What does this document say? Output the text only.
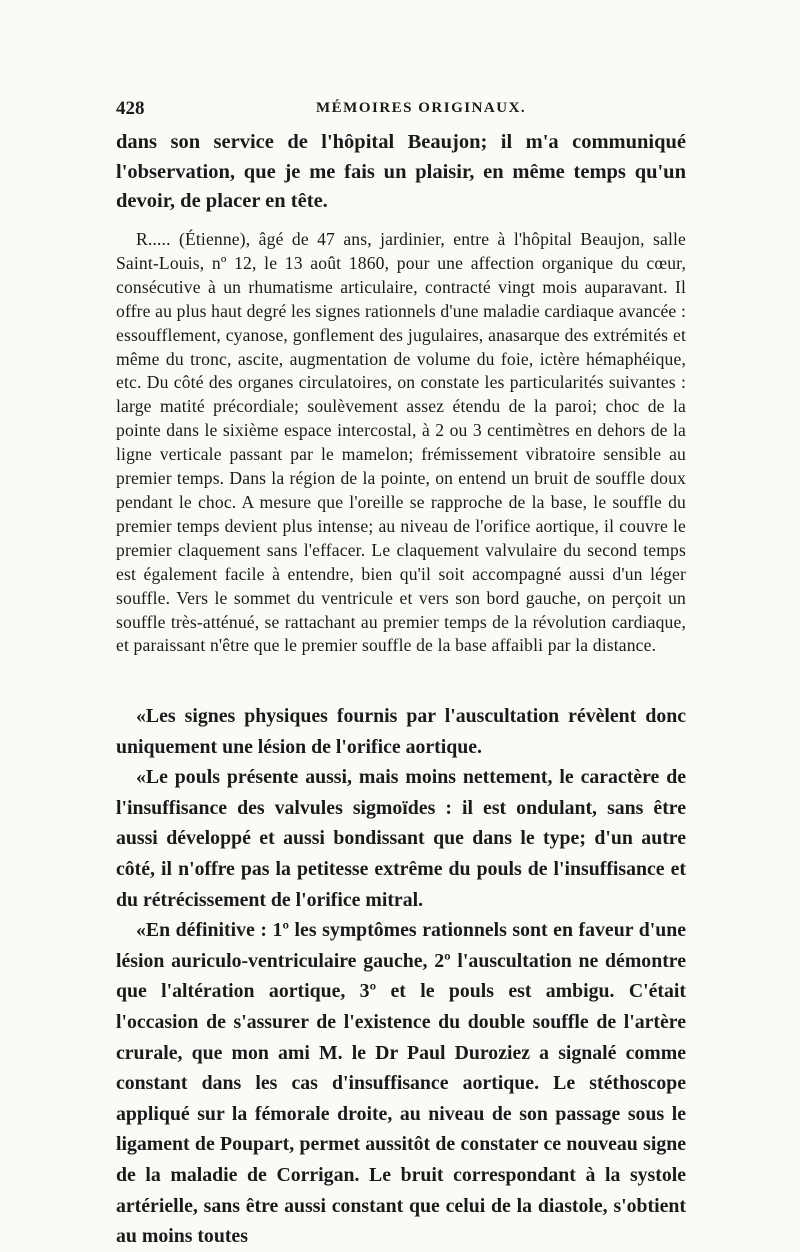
428	MÉMOIRES ORIGINAUX.

dans son service de l'hôpital Beaujon; il m'a communiqué l'observation, que je me fais un plaisir, en même temps qu'un devoir, de placer en tête.

R..... (Étienne), âgé de 47 ans, jardinier, entre à l'hôpital Beaujon, salle Saint-Louis, nº 12, le 13 août 1860, pour une affection organique du cœur, consécutive à un rhumatisme articulaire, contracté vingt mois auparavant. Il offre au plus haut degré les signes rationnels d'une maladie cardiaque avancée : essoufflement, cyanose, gonflement des jugulaires, anasarque des extrémités et même du tronc, ascite, augmentation de volume du foie, ictère hémaphéique, etc. Du côté des organes circulatoires, on constate les particularités suivantes : large matité précordiale; soulèvement assez étendu de la paroi; choc de la pointe dans le sixième espace intercostal, à 2 ou 3 centimètres en dehors de la ligne verticale passant par le mamelon; frémissement vibratoire sensible au premier temps. Dans la région de la pointe, on entend un bruit de souffle doux pendant le choc. A mesure que l'oreille se rapproche de la base, le souffle du premier temps devient plus intense; au niveau de l'orifice aortique, il couvre le premier claquement sans l'effacer. Le claquement valvulaire du second temps est également facile à entendre, bien qu'il soit accompagné aussi d'un léger souffle. Vers le sommet du ventricule et vers son bord gauche, on perçoit un souffle très-atténué, se rattachant au premier temps de la révolution cardiaque, et paraissant n'être que le premier souffle de la base affaibli par la distance.

«Les signes physiques fournis par l'auscultation révèlent donc uniquement une lésion de l'orifice aortique.

«Le pouls présente aussi, mais moins nettement, le caractère de l'insuffisance des valvules sigmoïdes : il est ondulant, sans être aussi développé et aussi bondissant que dans le type; d'un autre côté, il n'offre pas la petitesse extrême du pouls de l'insuffisance et du rétrécissement de l'orifice mitral.

«En définitive : 1º les symptômes rationnels sont en faveur d'une lésion auriculo-ventriculaire gauche, 2º l'auscultation ne démontre que l'altération aortique, 3º et le pouls est ambigu. C'était l'occasion de s'assurer de l'existence du double souffle de l'artère crurale, que mon ami M. le Dr Paul Duroziez a signalé comme constant dans les cas d'insuffisance aortique. Le stéthoscope appliqué sur la fémorale droite, au niveau de son passage sous le ligament de Poupart, permet aussitôt de constater ce nouveau signe de la maladie de Corrigan. Le bruit correspondant à la systole artérielle, sans être aussi constant que celui de la diastole, s'obtient au moins toutes
